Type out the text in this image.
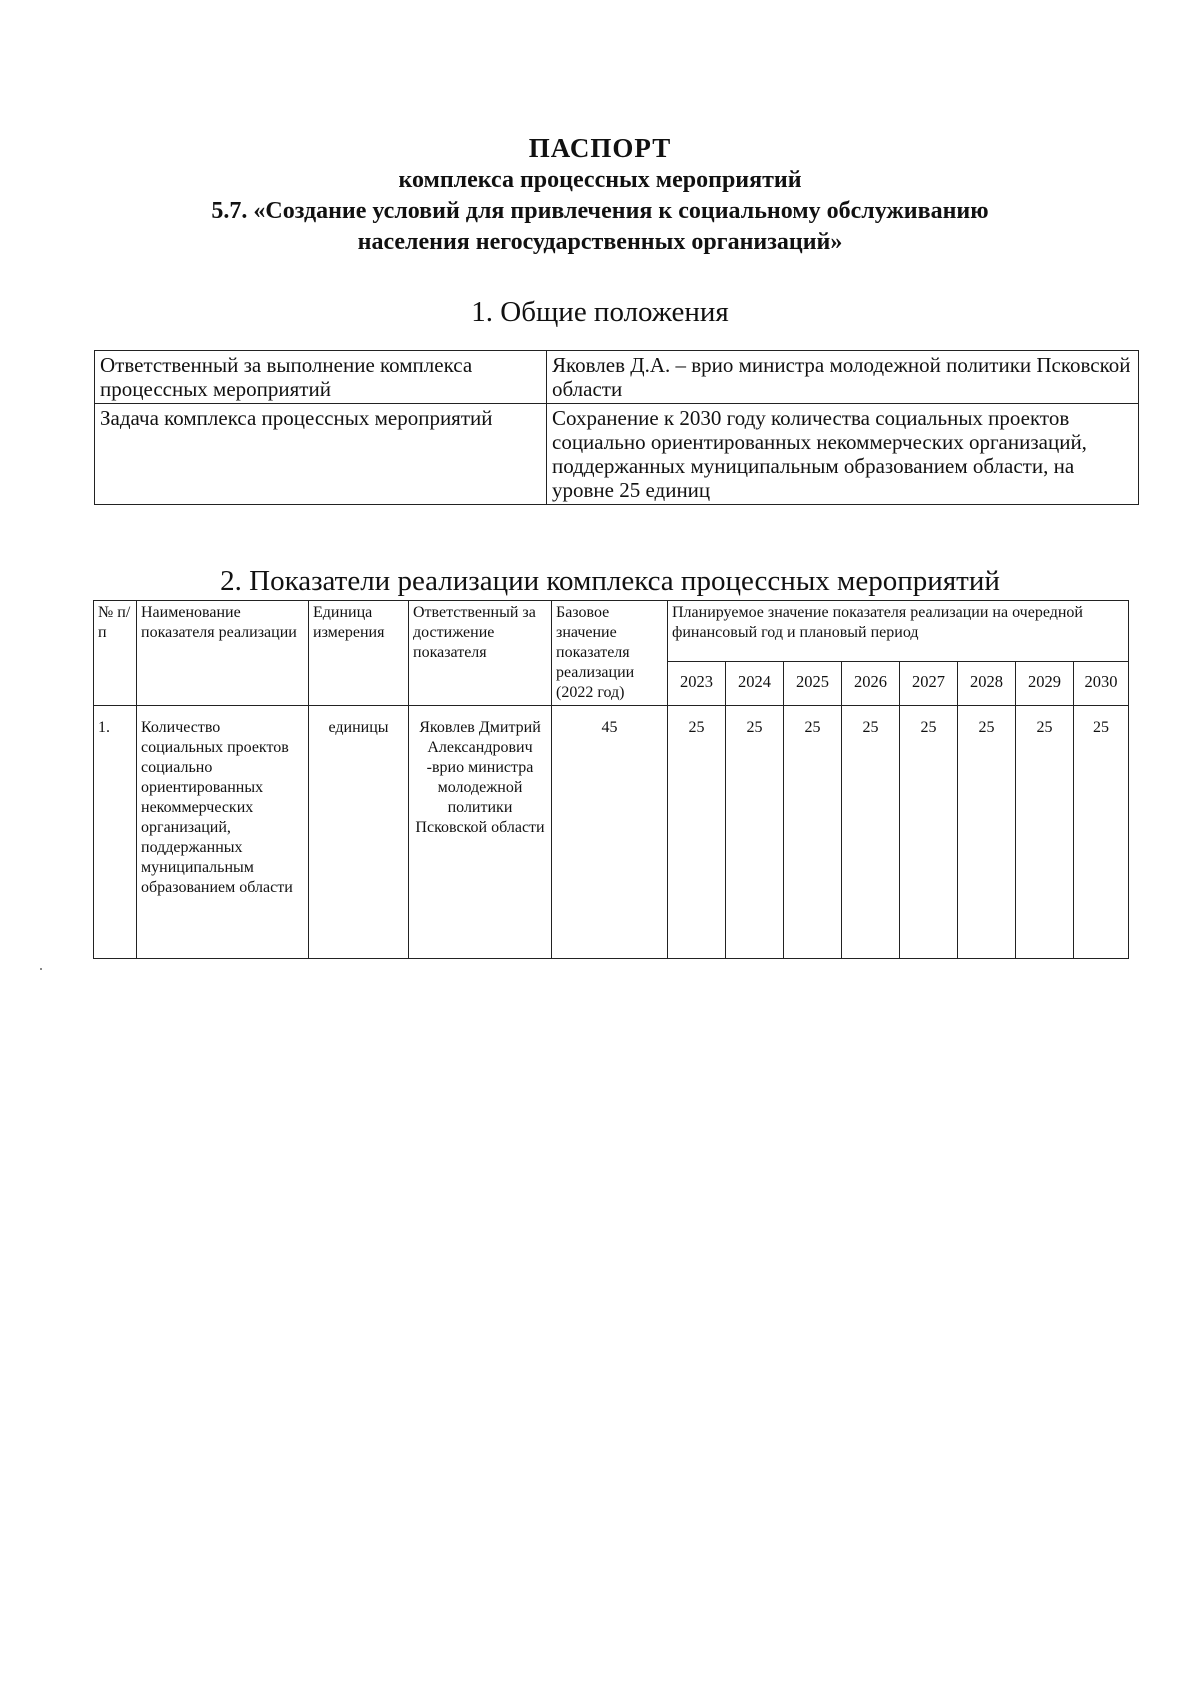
ПАСПОРТ
комплекса процессных мероприятий
5.7. «Создание условий для привлечения к социальному обслуживанию
населения негосударственных организаций»
1. Общие положения
Ответственный за выполнение комплекса процессных мероприятий	Яковлев Д.А. – врио министра молодежной политики Псковской области
Задача комплекса процессных мероприятий	Сохранение к 2030 году количества социальных проектов социально ориентированных некоммерческих организаций, поддержанных муниципальным образованием области, на уровне 25 единиц
2. Показатели реализации комплекса процессных мероприятий
№ п/п	Наименование показателя реализации	Единица измерения	Ответственный за достижение показателя	Базовое значение показателя реализации (2022 год)	Планируемое значение показателя реализации на очередной финансовый год и плановый период							
					2023	2024	2025	2026	2027	2028	2029	2030
1.	Количество социальных проектов социально ориентированных некоммерческих организаций, поддержанных муниципальным образованием области	единицы	Яковлев Дмитрий Александрович -врио министра молодежной политики Псковской области	45	25	25	25	25	25	25	25	25
